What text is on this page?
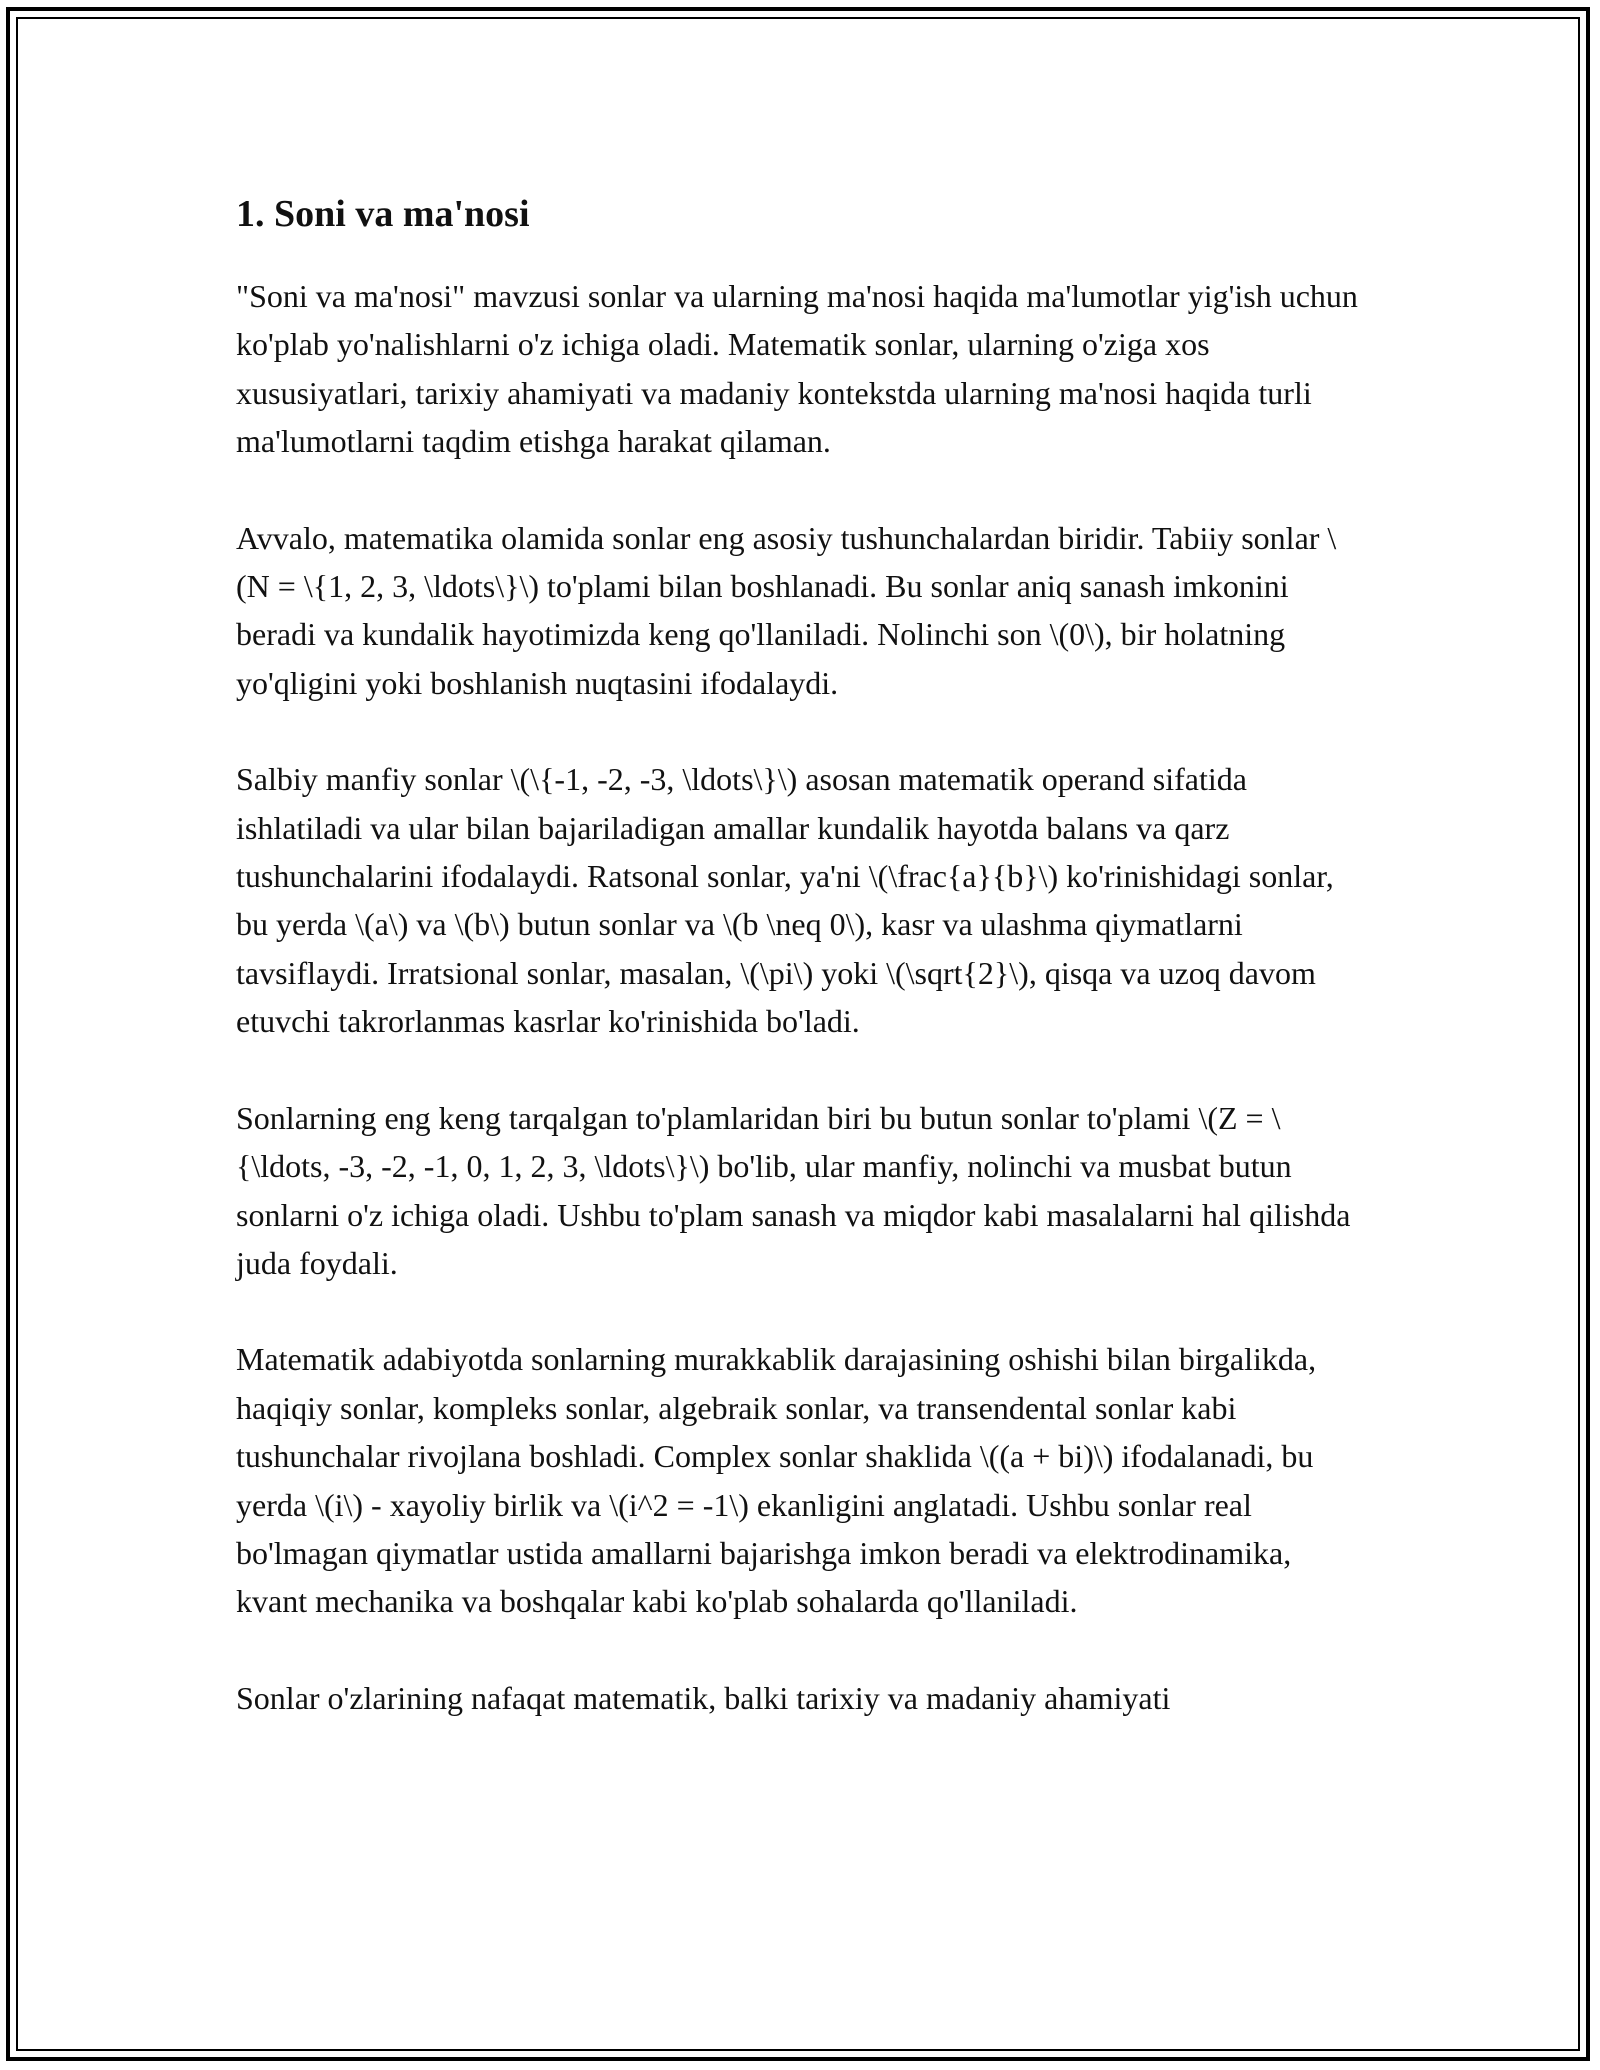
1. Soni va ma'nosi

"Soni va ma'nosi" mavzusi sonlar va ularning ma'nosi haqida ma'lumotlar yig'ish uchun ko'plab yo'nalishlarni o'z ichiga oladi. Matematik sonlar, ularning o'ziga xos xususiyatlari, tarixiy ahamiyati va madaniy kontekstda ularning ma'nosi haqida turli ma'lumotlarni taqdim etishga harakat qilaman.

Avvalo, matematika olamida sonlar eng asosiy tushunchalardan biridir. Tabiiy sonlar \(N = \{1, 2, 3, \ldots\}\) to'plami bilan boshlanadi. Bu sonlar aniq sanash imkonini beradi va kundalik hayotimizda keng qo'llaniladi. Nolinchi son \(0\), bir holatning yo'qligini yoki boshlanish nuqtasini ifodalaydi.

Salbiy manfiy sonlar \(\{-1, -2, -3, \ldots\}\) asosan matematik operand sifatida ishlatiladi va ular bilan bajariladigan amallar kundalik hayotda balans va qarz tushunchalarini ifodalaydi. Ratsonal sonlar, ya'ni \(\frac{a}{b}\) ko'rinishidagi sonlar, bu yerda \(a\) va \(b\) butun sonlar va \(b \neq 0\), kasr va ulashma qiymatlarni tavsiflaydi. Irratsional sonlar, masalan, \(\pi\) yoki \(\sqrt{2}\), qisqa va uzoq davom etuvchi takrorlanmas kasrlar ko'rinishida bo'ladi.

Sonlarning eng keng tarqalgan to'plamlaridan biri bu butun sonlar to'plami \(Z = \{\ldots, -3, -2, -1, 0, 1, 2, 3, \ldots\}\) bo'lib, ular manfiy, nolinchi va musbat butun sonlarni o'z ichiga oladi. Ushbu to'plam sanash va miqdor kabi masalalarni hal qilishda juda foydali.

Matematik adabiyotda sonlarning murakkablik darajasining oshishi bilan birgalikda, haqiqiy sonlar, kompleks sonlar, algebraik sonlar, va transendental sonlar kabi tushunchalar rivojlana boshladi. Complex sonlar shaklida \((a + bi)\) ifodalanadi, bu yerda \(i\) - xayoliy birlik va \(i^2 = -1\) ekanligini anglatadi. Ushbu sonlar real bo'lmagan qiymatlar ustida amallarni bajarishga imkon beradi va elektrodinamika, kvant mechanika va boshqalar kabi ko'plab sohalarda qo'llaniladi.

Sonlar o'zlarining nafaqat matematik, balki tarixiy va madaniy ahamiyati
